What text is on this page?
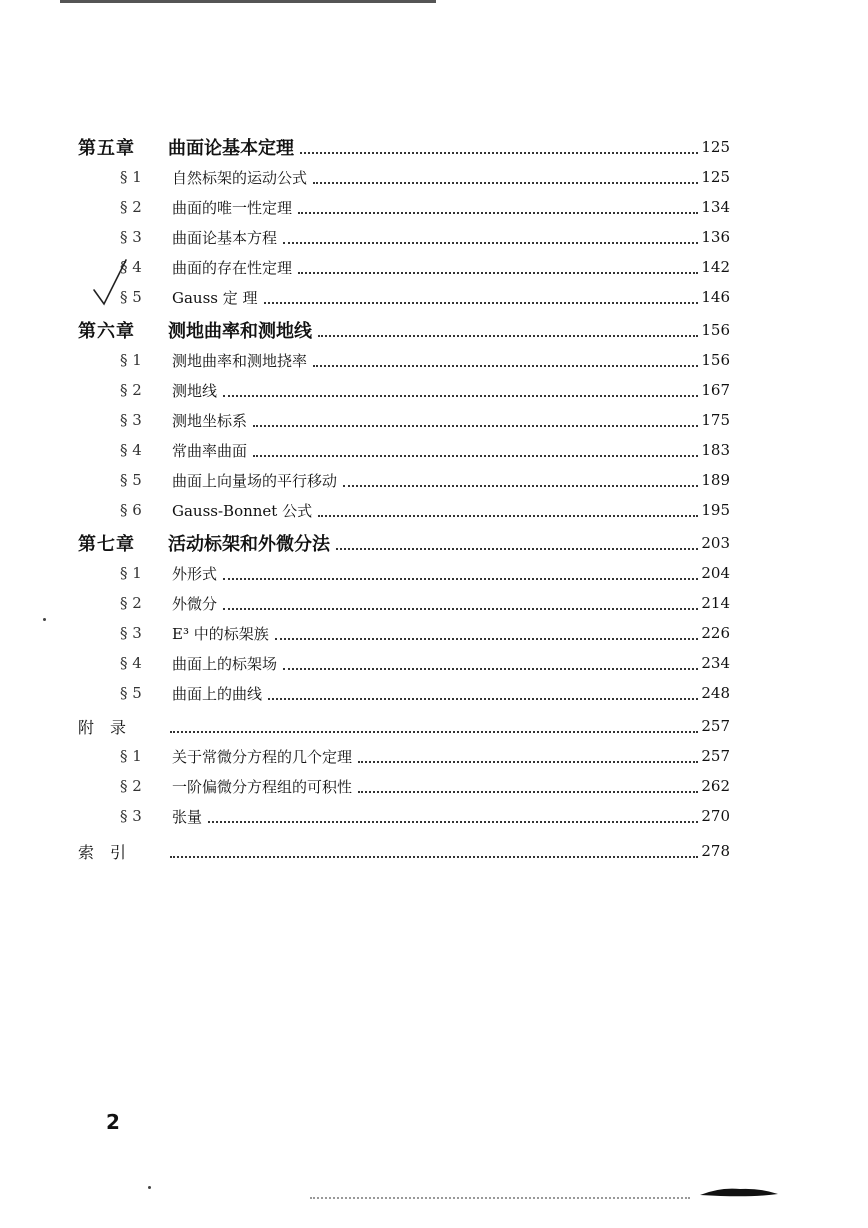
第五章	曲面论基本定理	125
§ 1	自然标架的运动公式	125
§ 2	曲面的唯一性定理	134
§ 3	曲面论基本方程	136
§ 4	曲面的存在性定理	142
§ 5	Gauss 定 理	146
第六章	测地曲率和测地线	156
§ 1	测地曲率和测地挠率	156
§ 2	测地线	167
§ 3	测地坐标系	175
§ 4	常曲率曲面	183
§ 5	曲面上向量场的平行移动	189
§ 6	Gauss-Bonnet 公式	195
第七章	活动标架和外微分法	203
§ 1	外形式	204
§ 2	外微分	214
§ 3	E³ 中的标架族	226
§ 4	曲面上的标架场	234
§ 5	曲面上的曲线	248
附　录	257
§ 1	关于常微分方程的几个定理	257
§ 2	一阶偏微分方程组的可积性	262
§ 3	张量	270
索　引	278
2
